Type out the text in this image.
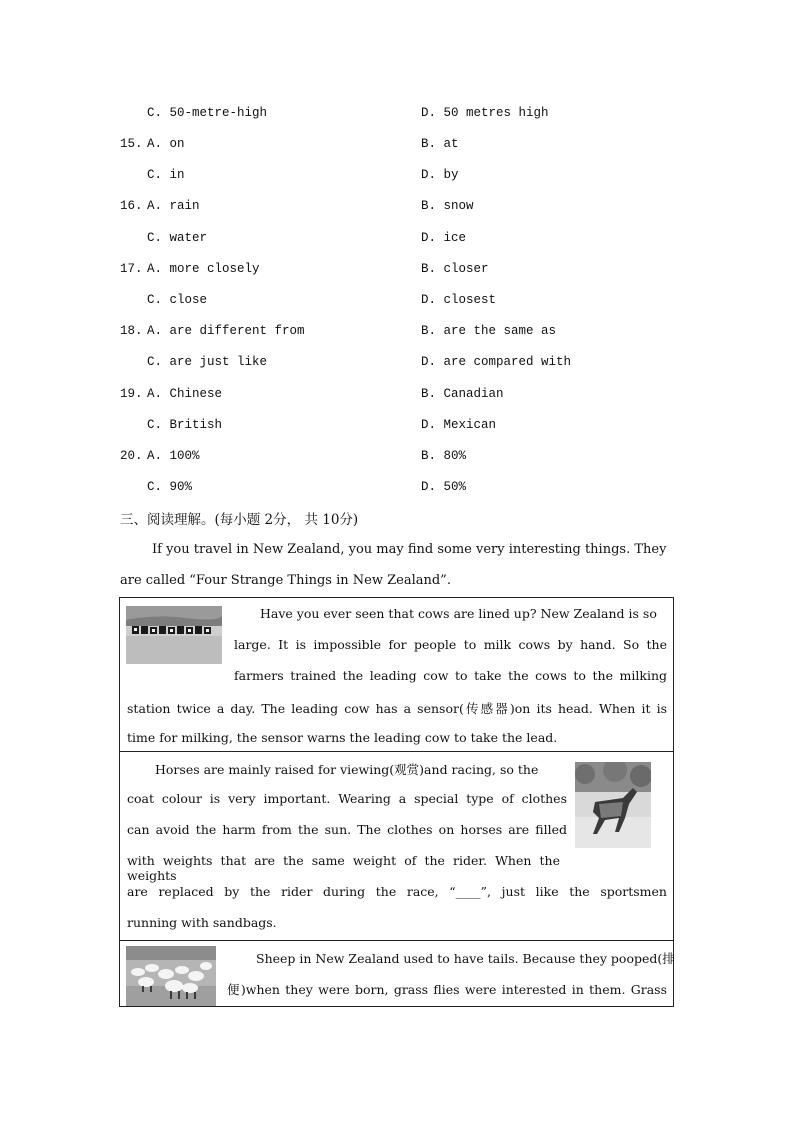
C. 50-metre-high	D. 50 metres high
15. A. on	B. at
C. in	D. by
16. A. rain	B. snow
C. water	D. ice
17. A. more closely	B. closer
C. close	D. closest
18. A. are different from	B. are the same as
C. are just like	D. are compared with
19. A. Chinese	B. Canadian
C. British	D. Mexican
20. A. 100%	B. 80%
C. 90%	D. 50%
三、阅读理解。(每小题 2分， 共 10分)
If you travel in New Zealand, you may find some very interesting things. They
are called “Four Strange Things in New Zealand”.
Have you ever seen that cows are lined up? New Zealand is so
large. It is impossible for people to milk cows by hand. So the
farmers trained the leading cow to take the cows to the milking
station twice a day. The leading cow has a sensor(传感器)on its head. When it is
time for milking, the sensor warns the leading cow to take the lead.
Horses are mainly raised for viewing(观赏)and racing, so the
coat colour is very important. Wearing a special type of clothes
can avoid the harm from the sun. The clothes on horses are filled
with weights that are the same weight of the rider. When the weights
are replaced by the rider during the race, “____”, just like the sportsmen
running with sandbags.
Sheep in New Zealand used to have tails. Because they pooped(排
便)when they were born, grass flies were interested in them. Grass
